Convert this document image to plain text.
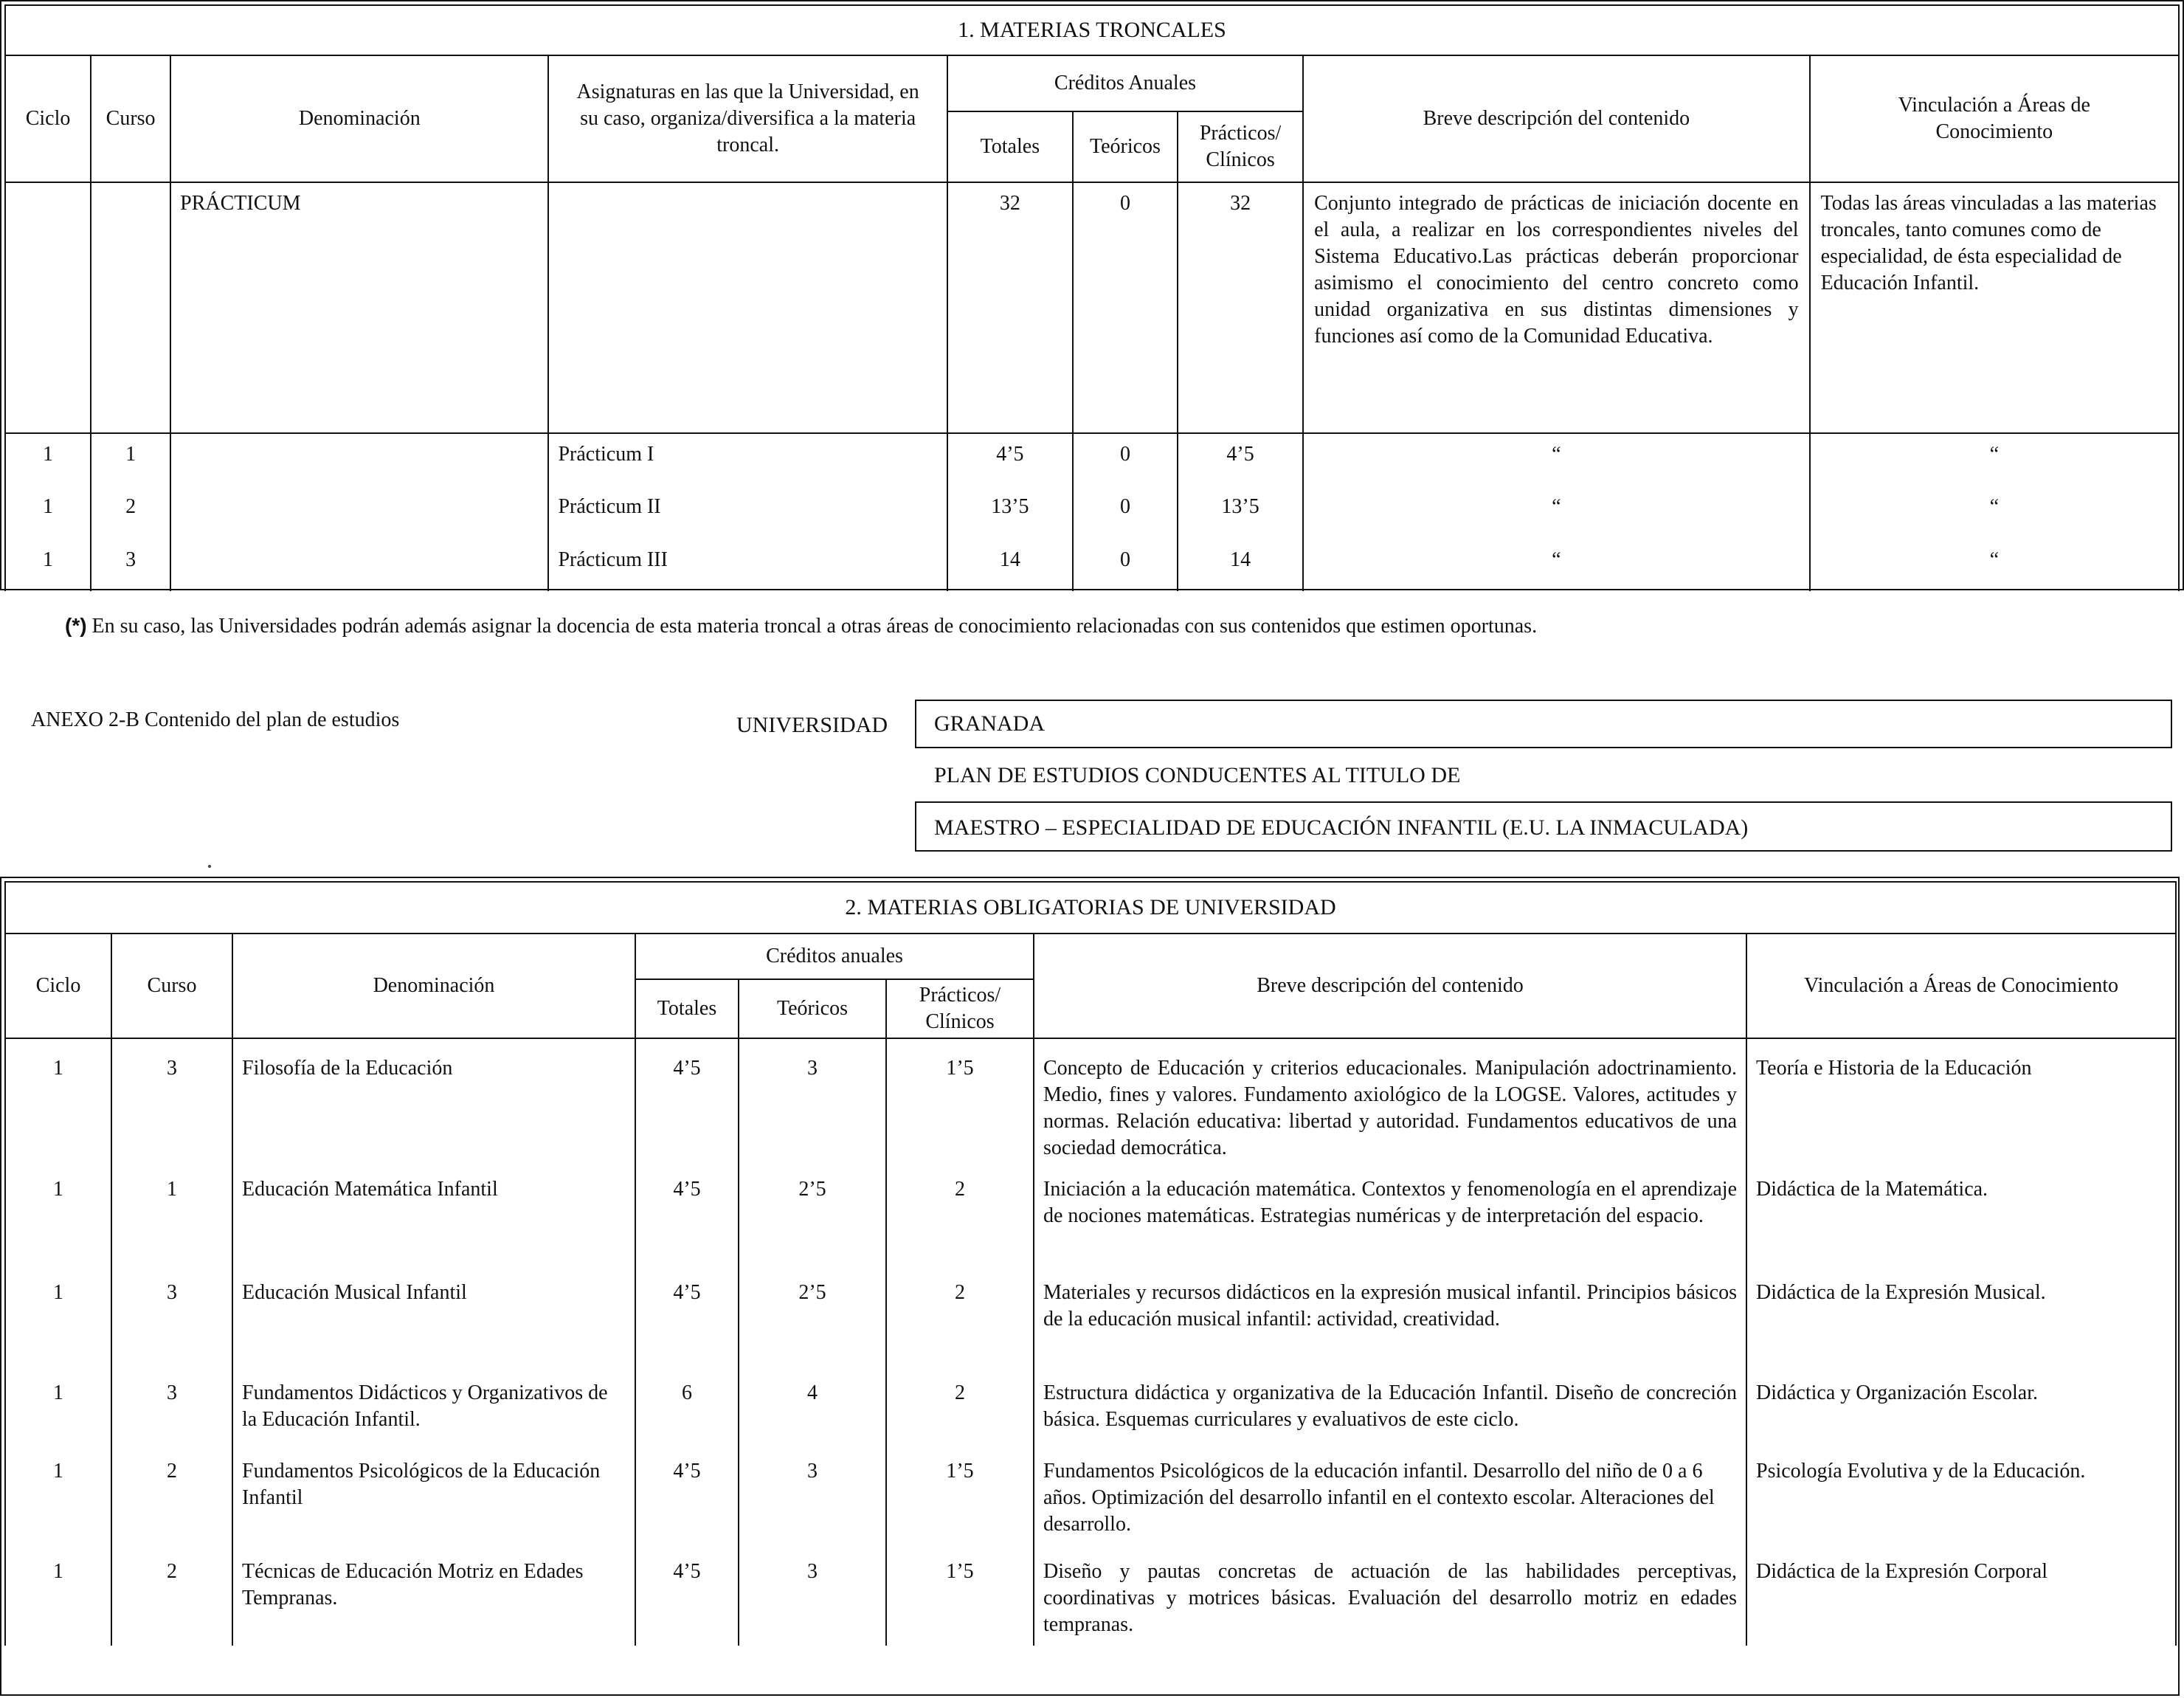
1. MATERIAS TRONCALES								
Ciclo	Curso	Denominación	Asignaturas en las que la Universidad, en su caso, organiza/diversifica a la materia troncal.	Créditos Anuales			Breve descripción del contenido	Vinculación a Áreas de Conocimiento
				Totales	Teóricos	Prácticos/ Clínicos		
		PRÁCTICUM		32	0	32	Conjunto integrado de prácticas de iniciación docente en el aula, a realizar en los correspondientes niveles del Sistema Educativo.Las prácticas deberán proporcionar asimismo el conocimiento del centro concreto como unidad organizativa en sus distintas dimensiones y funciones así como de la Comunidad Educativa.	Todas las áreas vinculadas a las materias troncales, tanto comunes como de especialidad, de ésta especialidad de Educación Infantil.
1	1		Prácticum I	4’5	0	4’5	“	“
1	2		Prácticum II	13’5	0	13’5	“	“
1	3		Prácticum III	14	0	14	“	“
(*) En su caso, las Universidades podrán además asignar la docencia de esta materia troncal a otras áreas de conocimiento relacionadas con sus contenidos que estimen oportunas.
ANEXO 2-B Contenido del plan de estudios	UNIVERSIDAD	GRANADA
PLAN DE ESTUDIOS CONDUCENTES AL TITULO DE
MAESTRO – ESPECIALIDAD DE EDUCACIÓN INFANTIL (E.U. LA INMACULADA)
2. MATERIAS OBLIGATORIAS DE UNIVERSIDAD							
Ciclo	Curso	Denominación	Créditos anuales			Breve descripción del contenido	Vinculación a Áreas de Conocimiento
			Totales	Teóricos	Prácticos/ Clínicos		
1	3	Filosofía de la Educación	4’5	3	1’5	Concepto de Educación y criterios educacionales. Manipulación adoctrinamiento. Medio, fines y valores. Fundamento axiológico de la LOGSE. Valores, actitudes y normas. Relación educativa: libertad y autoridad. Fundamentos educativos de una sociedad democrática.	Teoría e Historia de la Educación
1	1	Educación Matemática Infantil	4’5	2’5	2	Iniciación a la educación matemática. Contextos y fenomenología en el aprendizaje de nociones matemáticas. Estrategias numéricas y de interpretación del espacio.	Didáctica de la Matemática.
1	3	Educación Musical Infantil	4’5	2’5	2	Materiales y recursos didácticos en la expresión musical infantil. Principios básicos de la educación musical infantil: actividad, creatividad.	Didáctica de la Expresión Musical.
1	3	Fundamentos Didácticos y Organizativos de la Educación Infantil.	6	4	2	Estructura didáctica y organizativa de la Educación Infantil. Diseño de concreción básica. Esquemas curriculares y evaluativos de este ciclo.	Didáctica y Organización Escolar.
1	2	Fundamentos Psicológicos de la Educación Infantil	4’5	3	1’5	Fundamentos Psicológicos de la educación infantil. Desarrollo del niño de 0 a 6 años. Optimización del desarrollo infantil en el contexto escolar. Alteraciones del desarrollo.	Psicología Evolutiva y de la Educación.
1	2	Técnicas de Educación Motriz en Edades Tempranas.	4’5	3	1’5	Diseño y pautas concretas de actuación de las habilidades perceptivas, coordinativas y motrices básicas. Evaluación del desarrollo motriz en edades tempranas.	Didáctica de la Expresión Corporal
